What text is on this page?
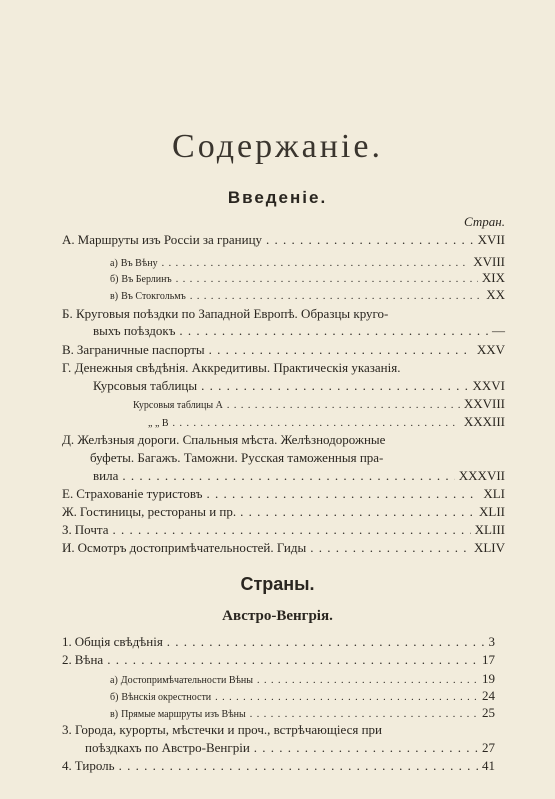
Содержаніе.
Введеніе.
Стран.
A. Маршруты изъ Россіи за границу . . .	XVII
а) Въ Вѣну . . .	XVIII
б) Въ Берлинъ . . .	XIX
в) Въ Стокгольмъ . . .	XX
Б. Круговыя поѣздки по Западной Европѣ. Образцы круго-
выхъ поѣздокъ . . .	—
В. Заграничные паспорты . . .	XXV
Г. Денежныя свѣдѣнія. Аккредитивы. Практическія указанія.
Курсовыя таблицы . . .	XXVI
Курсовыя таблицы А . . .	XXVIII
„ „ В . . .	XXXIII
Д. Желѣзныя дороги. Спальныя мѣста. Желѣзнодорожные
буфеты. Багажъ. Таможни. Русская таможенныя пра-
вила . . .	XXXVII
Е. Страхованіе туристовъ . . .	XLI
Ж. Гостиницы, рестораны и пр. . . .	XLII
З. Почта . . .	XLIII
И. Осмотръ достопримѣчательностей. Гиды . . .	XLIV
Страны.
Австро-Венгрія.
1. Общія свѣдѣнія . . .	3
2. Вѣна . . .	17
а) Достопримѣчательности Вѣны . . .	19
б) Вѣнскія окрестности . . .	24
в) Прямые маршруты изъ Вѣны . . .	25
3. Города, курорты, мѣстечки и проч., встрѣчающіеся при
поѣздкахъ по Австро-Венгріи . . .	27
4. Тироль . . .	41
